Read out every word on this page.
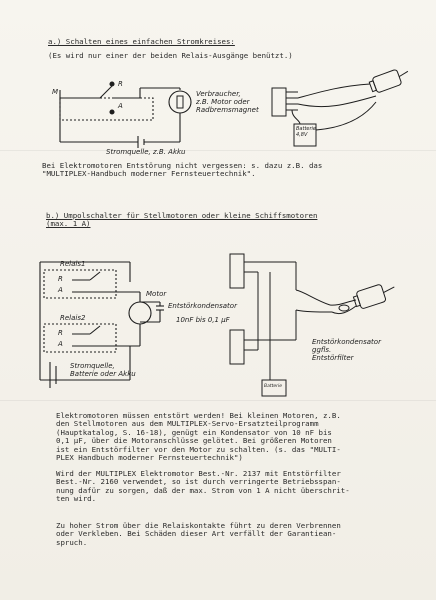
a.) Schalten eines einfachen Stromkreises:

(Es wird nur einer der beiden Relais-Ausgänge benützt.)

M

R

A

Verbraucher,
z.B. Motor oder
Radbremsmagnet

Stromquelle, z.B. Akku

Batterie
4,8V

Bei Elektromotoren Entstörung nicht vergessen: s. dazu z.B. das
"MULTIPLEX-Handbuch moderner Fernsteuertechnik".

b.) Umpolschalter für Stellmotoren oder kleine Schiffsmotoren
(max. 1 A)

Relais1

Relais2

R

A

R

A

Motor

Entstörkondensator

10nF bis 0,1 μF

Stromquelle,
Batterie oder Akku

Entstörkondensator
ggfls.
Entstörfilter

Batterie

Elektromotoren müssen entstört werden! Bei kleinen Motoren, z.B.
den Stellmotoren aus dem MULTIPLEX-Servo-Ersatzteilprogramm
(Hauptkatalog, S. 16-18), genügt ein Kondensator von 10 nF bis
0,1 μF, über die Motoranschlüsse gelötet. Bei größeren Motoren
ist ein Entstörfilter vor den Motor zu schalten. (s. das "MULTI-
PLEX Handbuch moderner Fernsteuertechnik")

Wird der MULTIPLEX Elektromotor Best.-Nr. 2137 mit Entstörfilter
Best.-Nr. 2160 verwendet, so ist durch verringerte Betriebsspan-
nung dafür zu sorgen, daß der max. Strom von 1 A nicht überschrit-
ten wird.

Zu hoher Strom über die Relaiskontakte führt zu deren Verbrennen
oder Verkleben. Bei Schäden dieser Art verfällt der Garantiean-
spruch.
